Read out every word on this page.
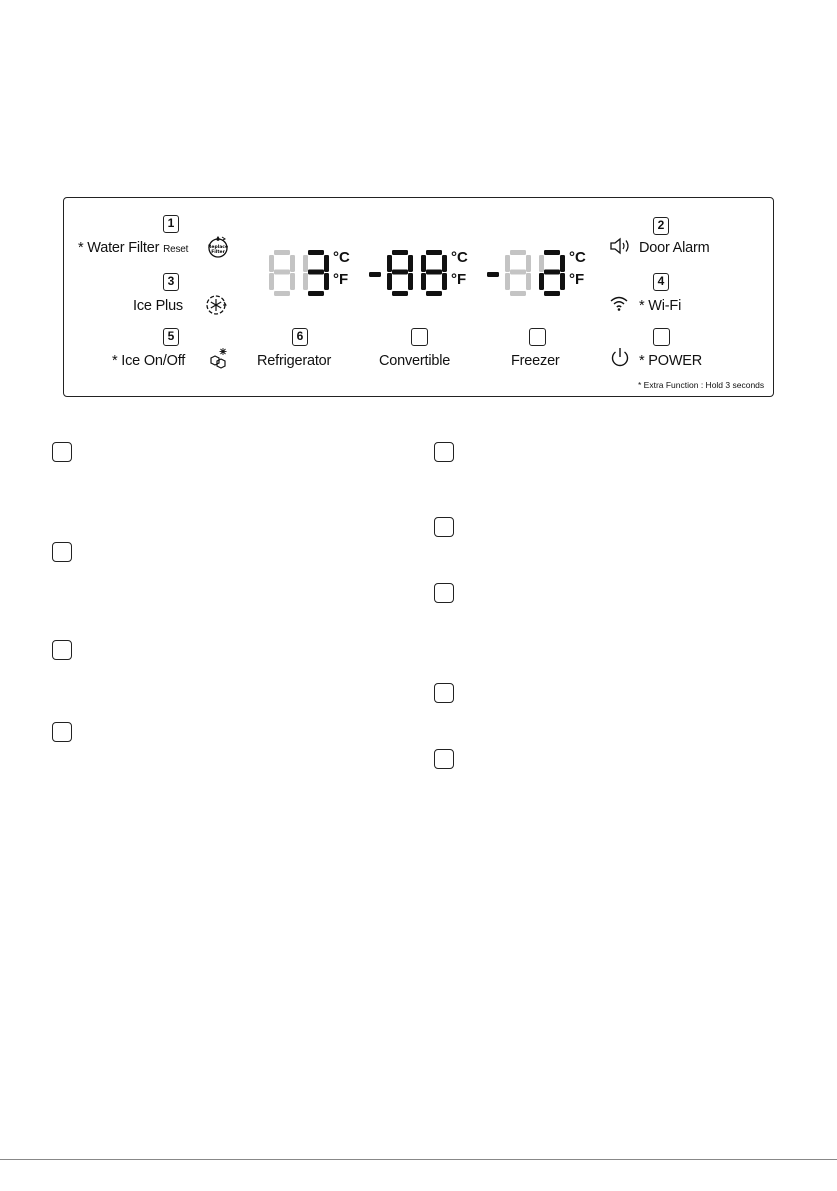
1
* Water Filter Reset	Replace
Filter
3
Ice Plus
5
* Ice On/Off
6
Refrigerator	Convertible	Freezer
2
Door Alarm
4
* Wi-Fi
* POWER
* Extra Function : Hold 3 seconds
°C
°F
°C
°F
°C
°F
